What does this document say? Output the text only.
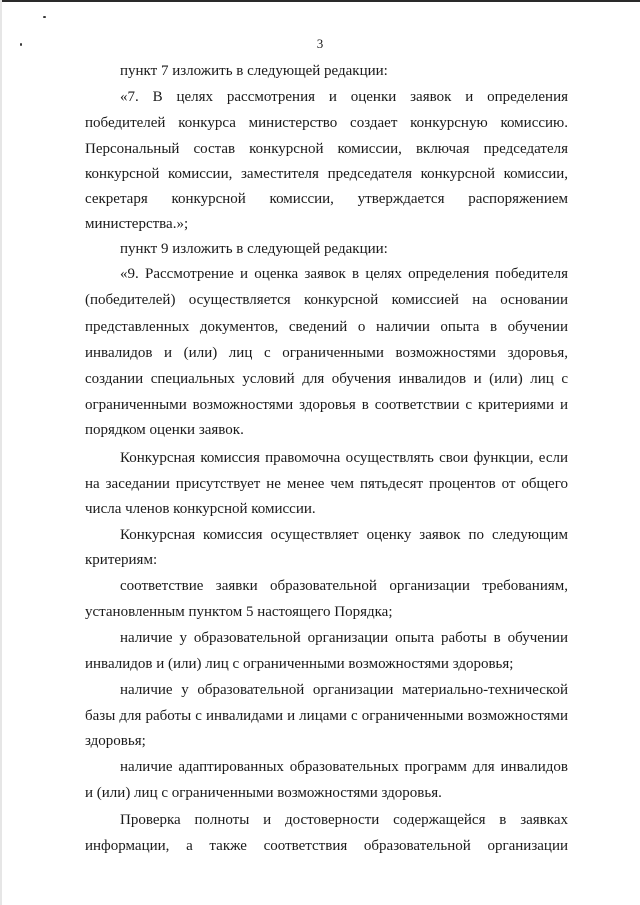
3
пункт 7 изложить в следующей редакции:
«7. В целях рассмотрения и оценки заявок и определения
победителей конкурса министерство создает конкурсную комиссию.
Персональный состав конкурсной комиссии, включая председателя
конкурсной комиссии, заместителя председателя конкурсной комиссии,
секретаря конкурсной комиссии, утверждается распоряжением
министерства.»;
пункт 9 изложить в следующей редакции:
«9. Рассмотрение и оценка заявок в целях определения победителя
(победителей) осуществляется конкурсной комиссией на основании
представленных документов, сведений о наличии опыта в обучении
инвалидов и (или) лиц с ограниченными возможностями здоровья,
создании специальных условий для обучения инвалидов и (или) лиц с
ограниченными возможностями здоровья в соответствии с критериями и
порядком оценки заявок.
Конкурсная комиссия правомочна осуществлять свои функции, если
на заседании присутствует не менее чем пятьдесят процентов от общего
числа членов конкурсной комиссии.
Конкурсная комиссия осуществляет оценку заявок по следующим
критериям:
соответствие заявки образовательной организации требованиям,
установленным пунктом 5 настоящего Порядка;
наличие у образовательной организации опыта работы в обучении
инвалидов и (или) лиц с ограниченными возможностями здоровья;
наличие у образовательной организации материально-технической
базы для работы с инвалидами и лицами с ограниченными возможностями
здоровья;
наличие адаптированных образовательных программ для инвалидов
и (или) лиц с ограниченными возможностями здоровья.
Проверка полноты и достоверности содержащейся в заявках
информации, а также соответствия образовательной организации
